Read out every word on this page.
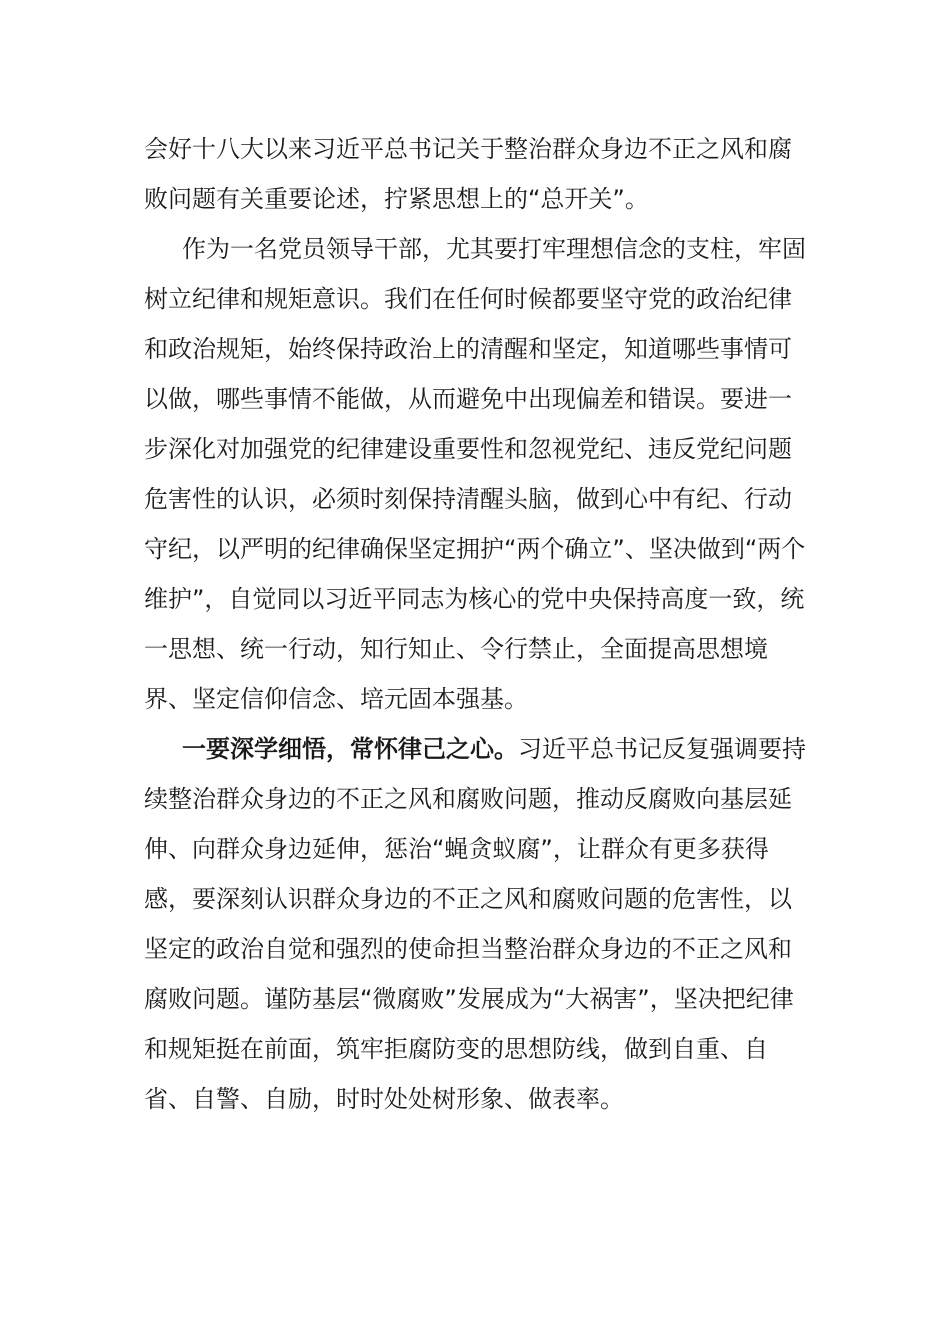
会好十八大以来习近平总书记关于整治群众身边不正之风和腐败问题有关重要论述，拧紧思想上的“总开关”。

作为一名党员领导干部，尤其要打牢理想信念的支柱，牢固树立纪律和规矩意识。我们在任何时候都要坚守党的政治纪律和政治规矩，始终保持政治上的清醒和坚定，知道哪些事情可以做，哪些事情不能做，从而避免中出现偏差和错误。要进一步深化对加强党的纪律建设重要性和忽视党纪、违反党纪问题危害性的认识，必须时刻保持清醒头脑，做到心中有纪、行动守纪，以严明的纪律确保坚定拥护“两个确立”、坚决做到“两个维护”，自觉同以习近平同志为核心的党中央保持高度一致，统一思想、统一行动，知行知止、令行禁止，全面提高思想境界、坚定信仰信念、培元固本强基。

一要深学细悟，常怀律己之心。习近平总书记反复强调要持续整治群众身边的不正之风和腐败问题，推动反腐败向基层延伸、向群众身边延伸，惩治“蝇贪蚁腐”，让群众有更多获得感，要深刻认识群众身边的不正之风和腐败问题的危害性，以坚定的政治自觉和强烈的使命担当整治群众身边的不正之风和腐败问题。谨防基层“微腐败”发展成为“大祸害”，坚决把纪律和规矩挺在前面，筑牢拒腐防变的思想防线，做到自重、自省、自警、自励，时时处处树形象、做表率。
